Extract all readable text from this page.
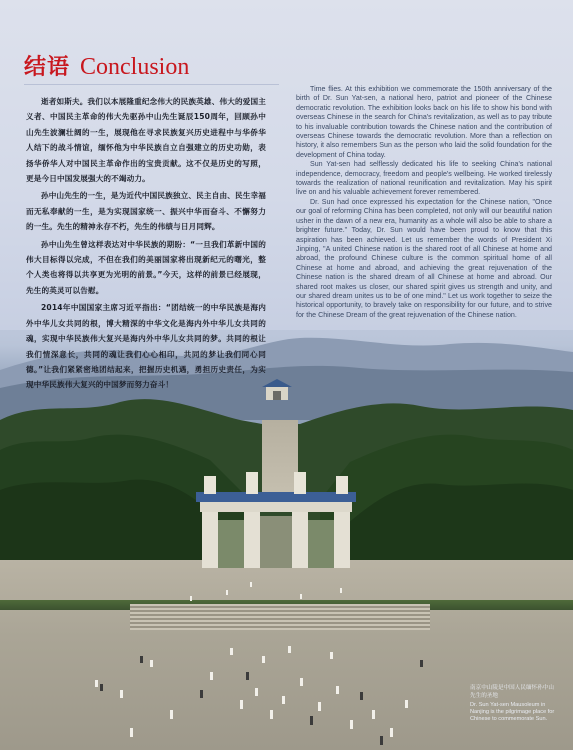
结语 Conclusion

逝者如斯夫。我们以本展隆重纪念伟大的民族英雄、伟大的爱国主义者、中国民主革命的伟大先驱孙中山先生诞辰150周年，回顾孙中山先生波澜壮阔的一生，展现他在寻求民族复兴历史进程中与华侨华人结下的战斗情谊，缅怀他为中华民族自立自强建立的历史功勋，表扬华侨华人对中国民主革命作出的宝贵贡献。这不仅是历史的写照，更是今日中国发展强大的不竭动力。

孙中山先生的一生，是为近代中国民族独立、民主自由、民生幸福而无私奉献的一生，是为实现国家统一、振兴中华而奋斗、不懈努力的一生。先生的精神永存不朽，先生的伟绩与日月同辉。

孙中山先生曾这样表达对中华民族的期盼：“一旦我们革新中国的伟大目标得以完成，不但在我们的美丽国家将出现新纪元的曙光，整个人类也将得以共享更为光明的前景。”今天，这样的前景已经展现，先生的英灵可以告慰。

2014年中国国家主席习近平指出：“团结统一的中华民族是海内外中华儿女共同的根，博大精深的中华文化是海内外中华儿女共同的魂，实现中华民族伟大复兴是海内外中华儿女共同的梦。共同的根让我们情深意长，共同的魂让我们心心相印，共同的梦让我们同心同德。”让我们紧紧密地团结起来，把握历史机遇，勇担历史责任，为实现中华民族伟大复兴的中国梦而努力奋斗！

Time flies. At this exhibition we commemorate the 150th anniversary of the birth of Dr. Sun Yat-sen, a national hero, patriot and pioneer of the Chinese democratic revolution. The exhibition looks back on his life to show his bond with overseas Chinese in the search for China's revitalization, as well as to pay tribute to his invaluable contribution towards the Chinese nation and the contribution of overseas Chinese towards the democratic revolution. More than a reflection on history, it also remembers Sun as the person who laid the solid foundation for the development of China today.

Sun Yat-sen had selflessly dedicated his life to seeking China's national independence, democracy, freedom and people's wellbeing. He worked tirelessly towards the realization of national reunification and revitalization. May his spirit live on and his valuable achievement forever remembered.

Dr. Sun had once expressed his expectation for the Chinese nation, "Once our goal of reforming China has been completed, not only will our beautiful nation usher in the dawn of a new era, humanity as a whole will also be able to share a brighter future." Today, Dr. Sun would have been proud to know that this aspiration has been achieved. Let us remember the words of President Xi Jinping, "A united Chinese nation is the shared root of all Chinese at home and abroad, the profound Chinese culture is the common spiritual home of all Chinese at home and abroad, and achieving the great rejuvenation of the Chinese nation is the shared dream of all Chinese at home and abroad. Our shared root makes us closer, our shared spirit gives us strength and unity, and our shared dream unites us to be of one mind." Let us work together to seize the historical opportunity, to bravely take on responsibility for our future, and to strive for the Chinese Dream of the great rejuvenation of the Chinese nation.

南京中山陵是中国人民缅怀孙中山先生的圣地

Dr. Sun Yat-sen Mausoleum in Nanjing is the pilgrimage place for Chinese to commemorate Sun.
